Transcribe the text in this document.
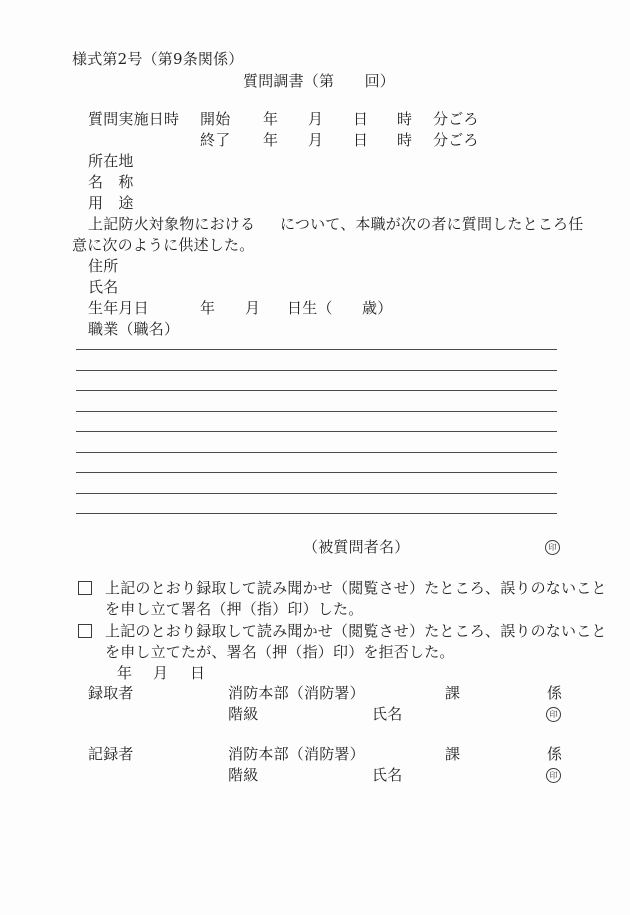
様式第2号（第9条関係）
質問調書（第　　回）
質問実施日時 開始 年 月 日 時 分ごろ
終了 年 月 日 時 分ごろ
所在地
名　称
用　途
上記防火対象物における について、本職が次の者に質問したところ任
意に次のように供述した。
住所
氏名
生年月日	年 月 日生（ 歳）
職業（職名）
（被質問者名）	印
上記のとおり録取して読み聞かせ（閲覧させ）たところ、誤りのないこと
を申し立て署名（押（指）印）した。
上記のとおり録取して読み聞かせ（閲覧させ）たところ、誤りのないこと
を申し立てたが、署名（押（指）印）を拒否した。
年 月 日
録取者	消防本部（消防署）	課	係
階級	氏名	印
記録者	消防本部（消防署）	課	係
階級	氏名	印
